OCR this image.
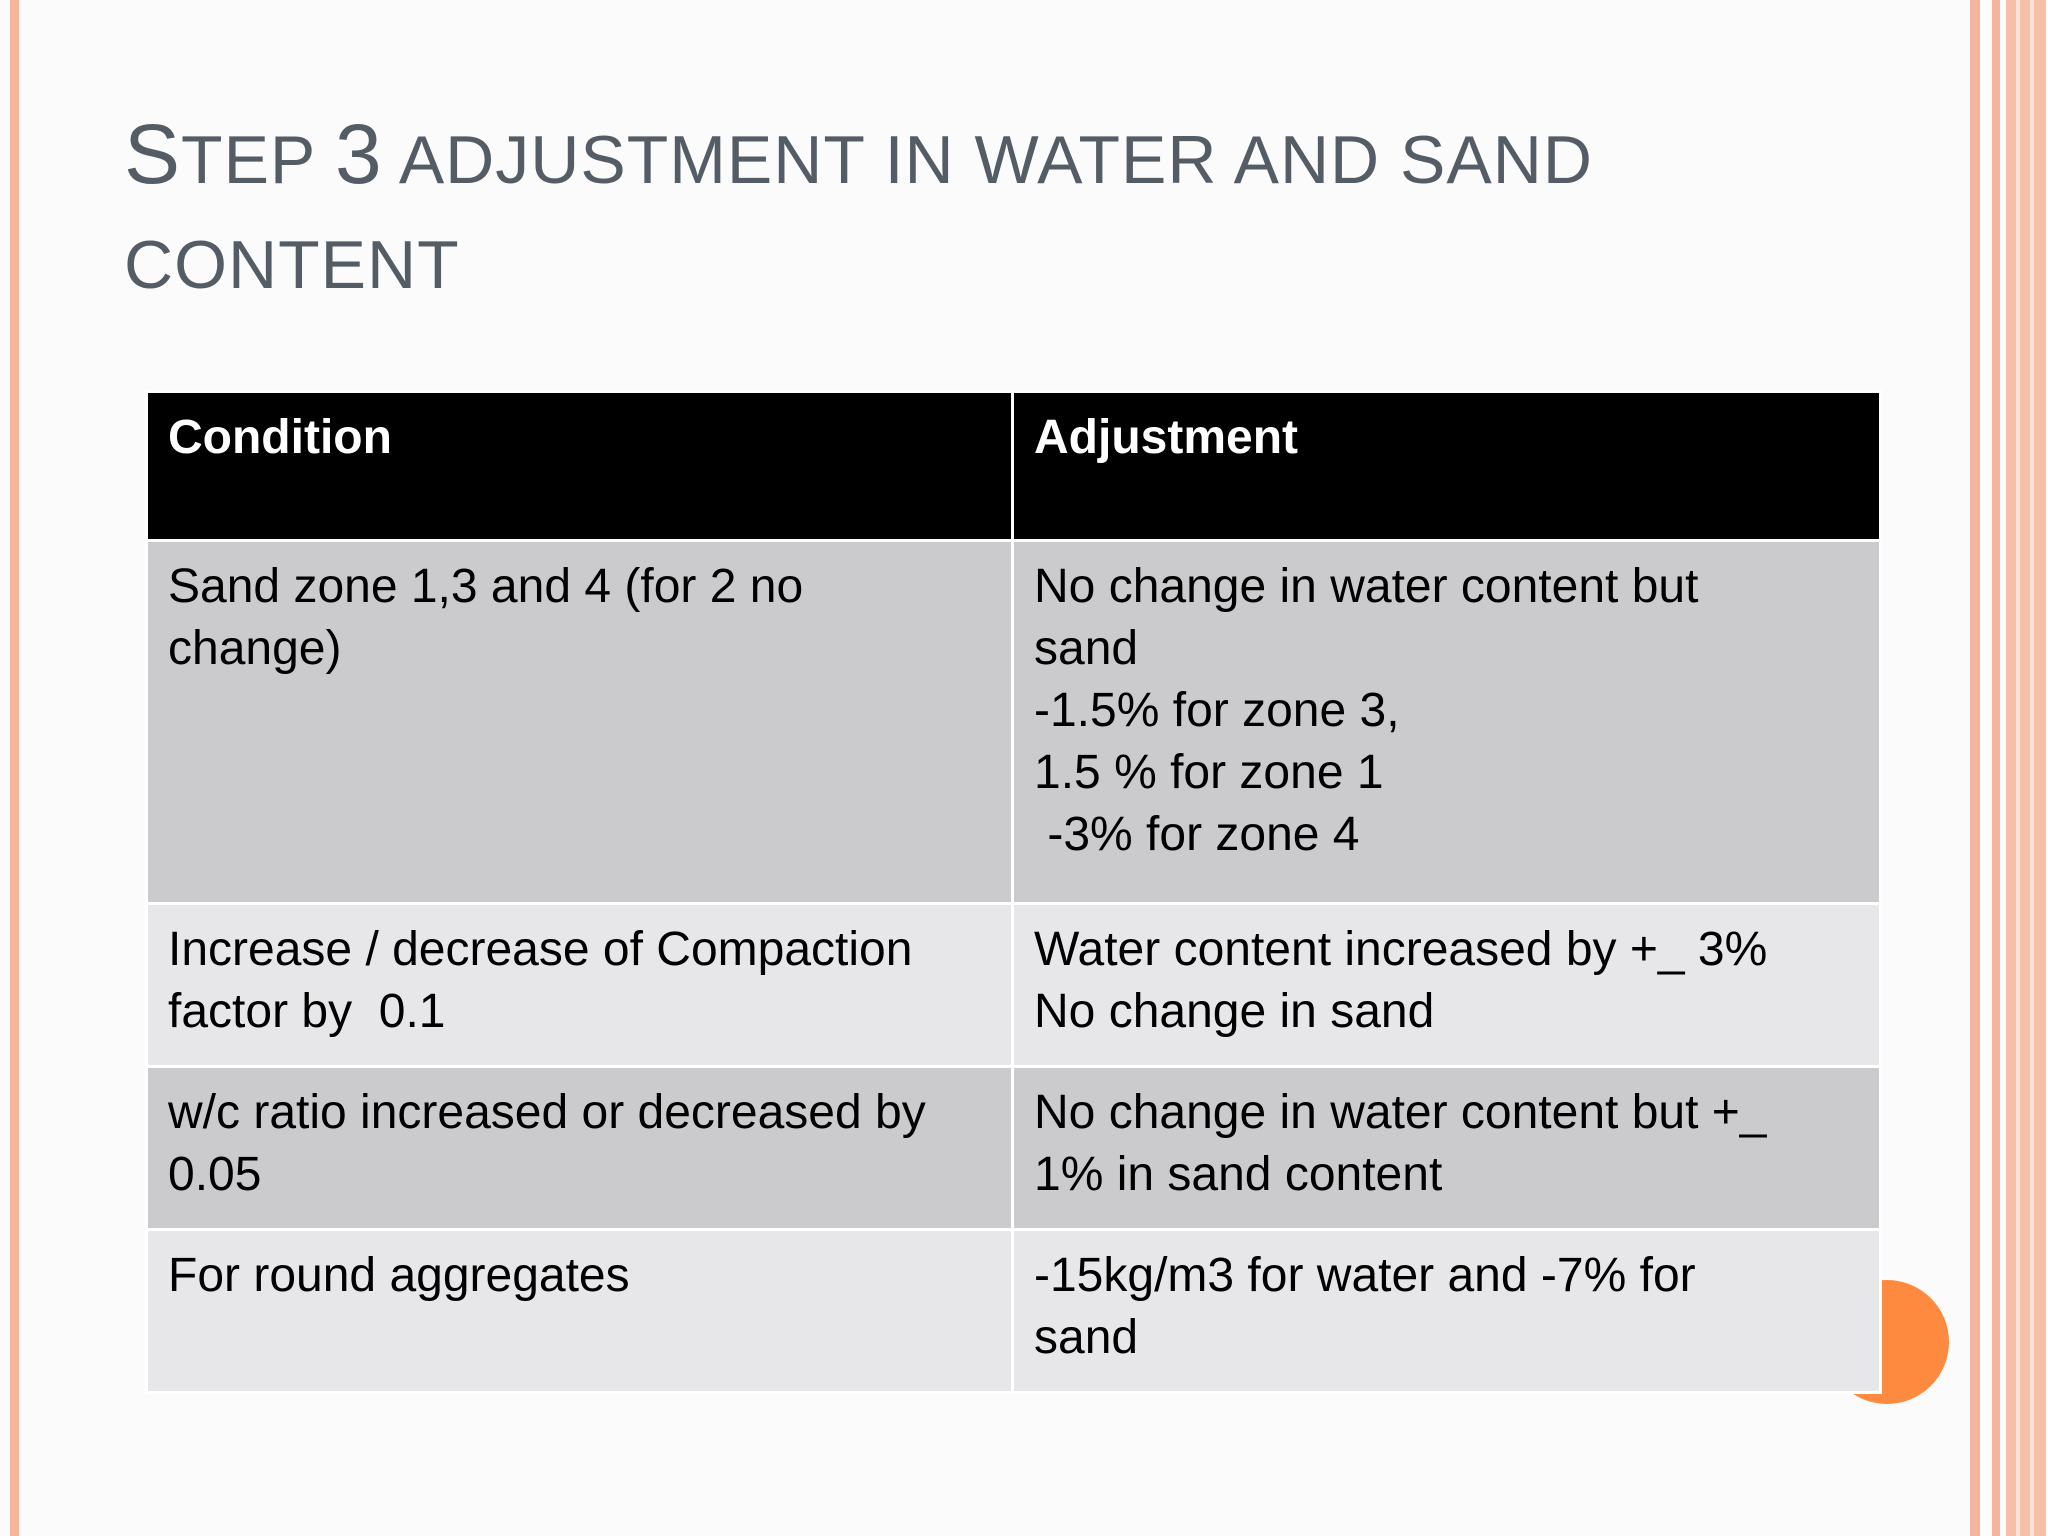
STEP 3 ADJUSTMENT IN WATER AND SAND CONTENT
Condition	Adjustment

Sand zone 1,3 and 4 (for 2 no
change)	No change in water content but
sand
-1.5% for zone 3,
1.5 % for zone 1
-3% for zone 4

Increase / decrease of Compaction
factor by  0.1	Water content increased by +_ 3%
No change in sand

w/c ratio increased or decreased by
0.05	No change in water content but +_
1% in sand content

For round aggregates	-15kg/m3 for water and -7% for
sand
